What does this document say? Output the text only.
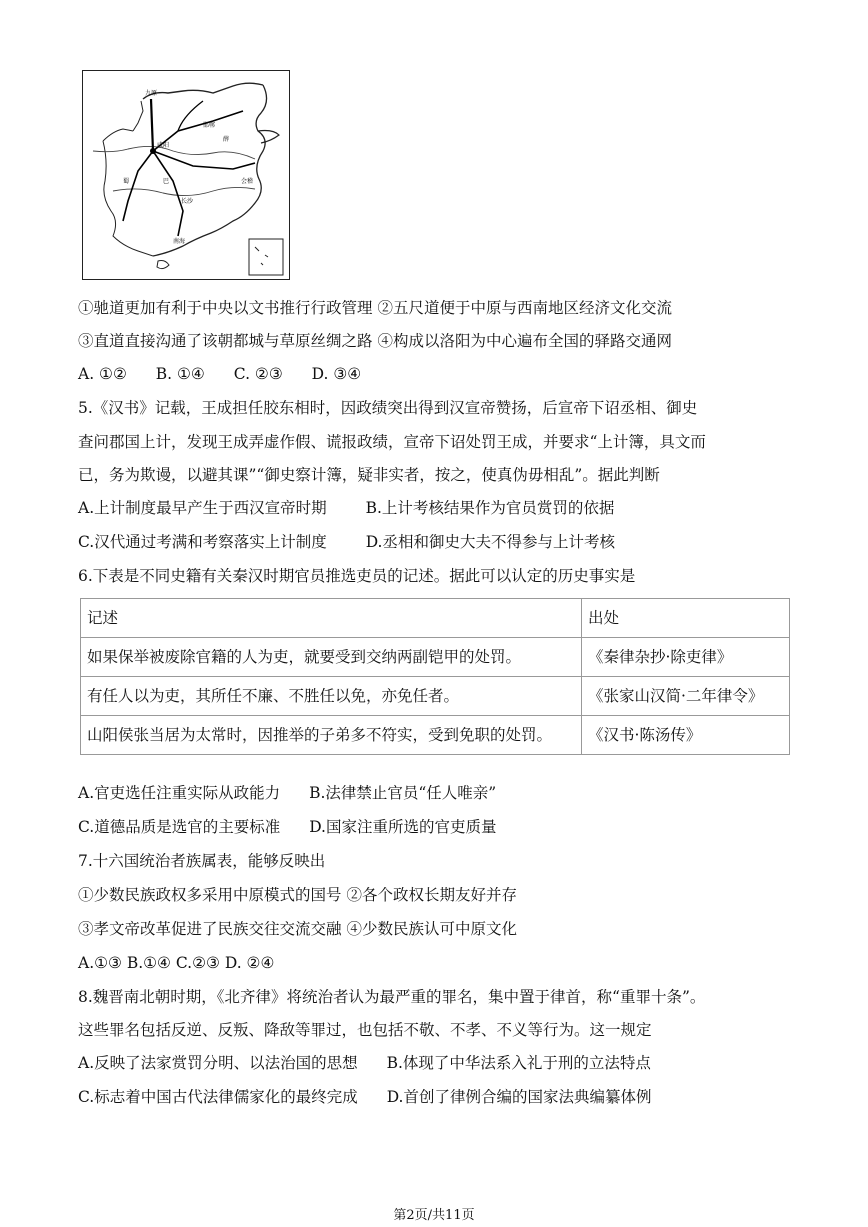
九原
咸阳
蜀	巴
长沙
南海
薛
会稽
邯郸
①驰道更加有利于中央以文书推行行政管理 ②五尺道便于中原与西南地区经济文化交流
③直道直接沟通了该朝都城与草原丝绸之路 ④构成以洛阳为中心遍布全国的驿路交通网
A. ①② B. ①④ C. ②③ D. ③④
5.《汉书》记载，王成担任胶东相时，因政绩突出得到汉宣帝赞扬，后宣帝下诏丞相、御史
查问郡国上计，发现王成弄虚作假、谎报政绩，宣帝下诏处罚王成，并要求“上计簿，具文而
已，务为欺谩，以避其课”“御史察计簿，疑非实者，按之，使真伪毋相乱”。据此判断
A.上计制度最早产生于西汉宣帝时期	B.上计考核结果作为官员赏罚的依据
C.汉代通过考满和考察落实上计制度	D.丞相和御史大夫不得参与上计考核
6.下表是不同史籍有关秦汉时期官员推选吏员的记述。据此可以认定的历史事实是
记述	出处
如果保举被废除官籍的人为吏，就要受到交纳两副铠甲的处罚。	《秦律杂抄·除吏律》
有任人以为吏，其所任不廉、不胜任以免，亦免任者。	《张家山汉简·二年律令》
山阳侯张当居为太常时，因推举的子弟多不符实，受到免职的处罚。	《汉书·陈汤传》
A.官吏选任注重实际从政能力 B.法律禁止官员“任人唯亲”
C.道德品质是选官的主要标准 D.国家注重所选的官吏质量
7.十六国统治者族属表，能够反映出
①少数民族政权多采用中原模式的国号 ②各个政权长期友好并存
③孝文帝改革促进了民族交往交流交融 ④少数民族认可中原文化
A.①③ B.①④ C.②③ D. ②④
8.魏晋南北朝时期，《北齐律》将统治者认为最严重的罪名，集中置于律首，称“重罪十条”。
这些罪名包括反逆、反叛、降敌等罪过，也包括不敬、不孝、不义等行为。这一规定
A.反映了法家赏罚分明、以法治国的思想 B.体现了中华法系入礼于刑的立法特点
C.标志着中国古代法律儒家化的最终完成 D.首创了律例合编的国家法典编纂体例
第2页/共11页
